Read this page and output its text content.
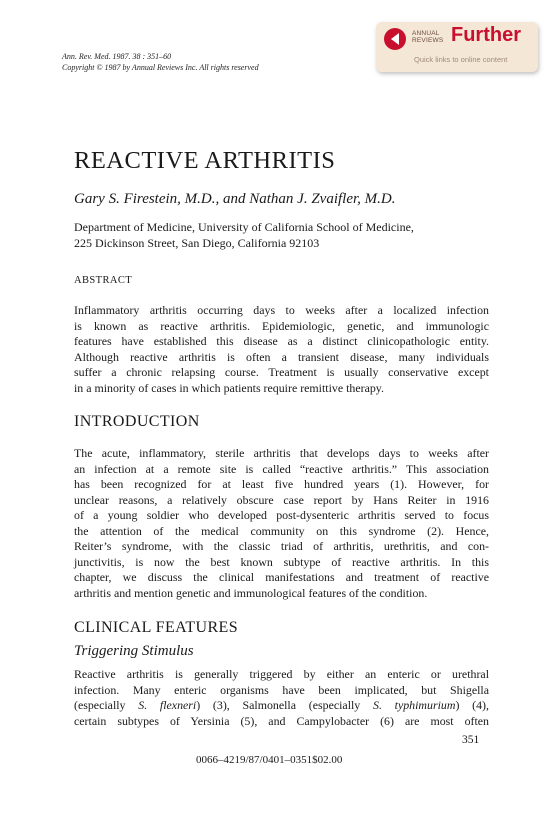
Ann. Rev. Med. 1987. 38 : 351–60
Copyright © 1987 by Annual Reviews Inc. All rights reserved
ANNUAL
REVIEWS Further
Quick links to online content
REACTIVE ARTHRITIS
Gary S. Firestein, M.D., and Nathan J. Zvaifler, M.D.
Department of Medicine, University of California School of Medicine,
225 Dickinson Street, San Diego, California 92103
ABSTRACT
Inflammatory arthritis occurring days to weeks after a localized infection
is known as reactive arthritis. Epidemiologic, genetic, and immunologic
features have established this disease as a distinct clinicopathologic entity.
Although reactive arthritis is often a transient disease, many individuals
suffer a chronic relapsing course. Treatment is usually conservative except
in a minority of cases in which patients require remittive therapy.
INTRODUCTION
The acute, inflammatory, sterile arthritis that develops days to weeks after
an infection at a remote site is called “reactive arthritis.” This association
has been recognized for at least five hundred years (1). However, for
unclear reasons, a relatively obscure case report by Hans Reiter in 1916
of a young soldier who developed post-dysenteric arthritis served to focus
the attention of the medical community on this syndrome (2). Hence,
Reiter’s syndrome, with the classic triad of arthritis, urethritis, and con-
junctivitis, is now the best known subtype of reactive arthritis. In this
chapter, we discuss the clinical manifestations and treatment of reactive
arthritis and mention genetic and immunological features of the condition.
CLINICAL FEATURES
Triggering Stimulus
Reactive arthritis is generally triggered by either an enteric or urethral
infection. Many enteric organisms have been implicated, but Shigella
(especially S. flexneri) (3), Salmonella (especially S. typhimurium) (4),
certain subtypes of Yersinia (5), and Campylobacter (6) are most often
351
0066–4219/87/0401–0351$02.00
